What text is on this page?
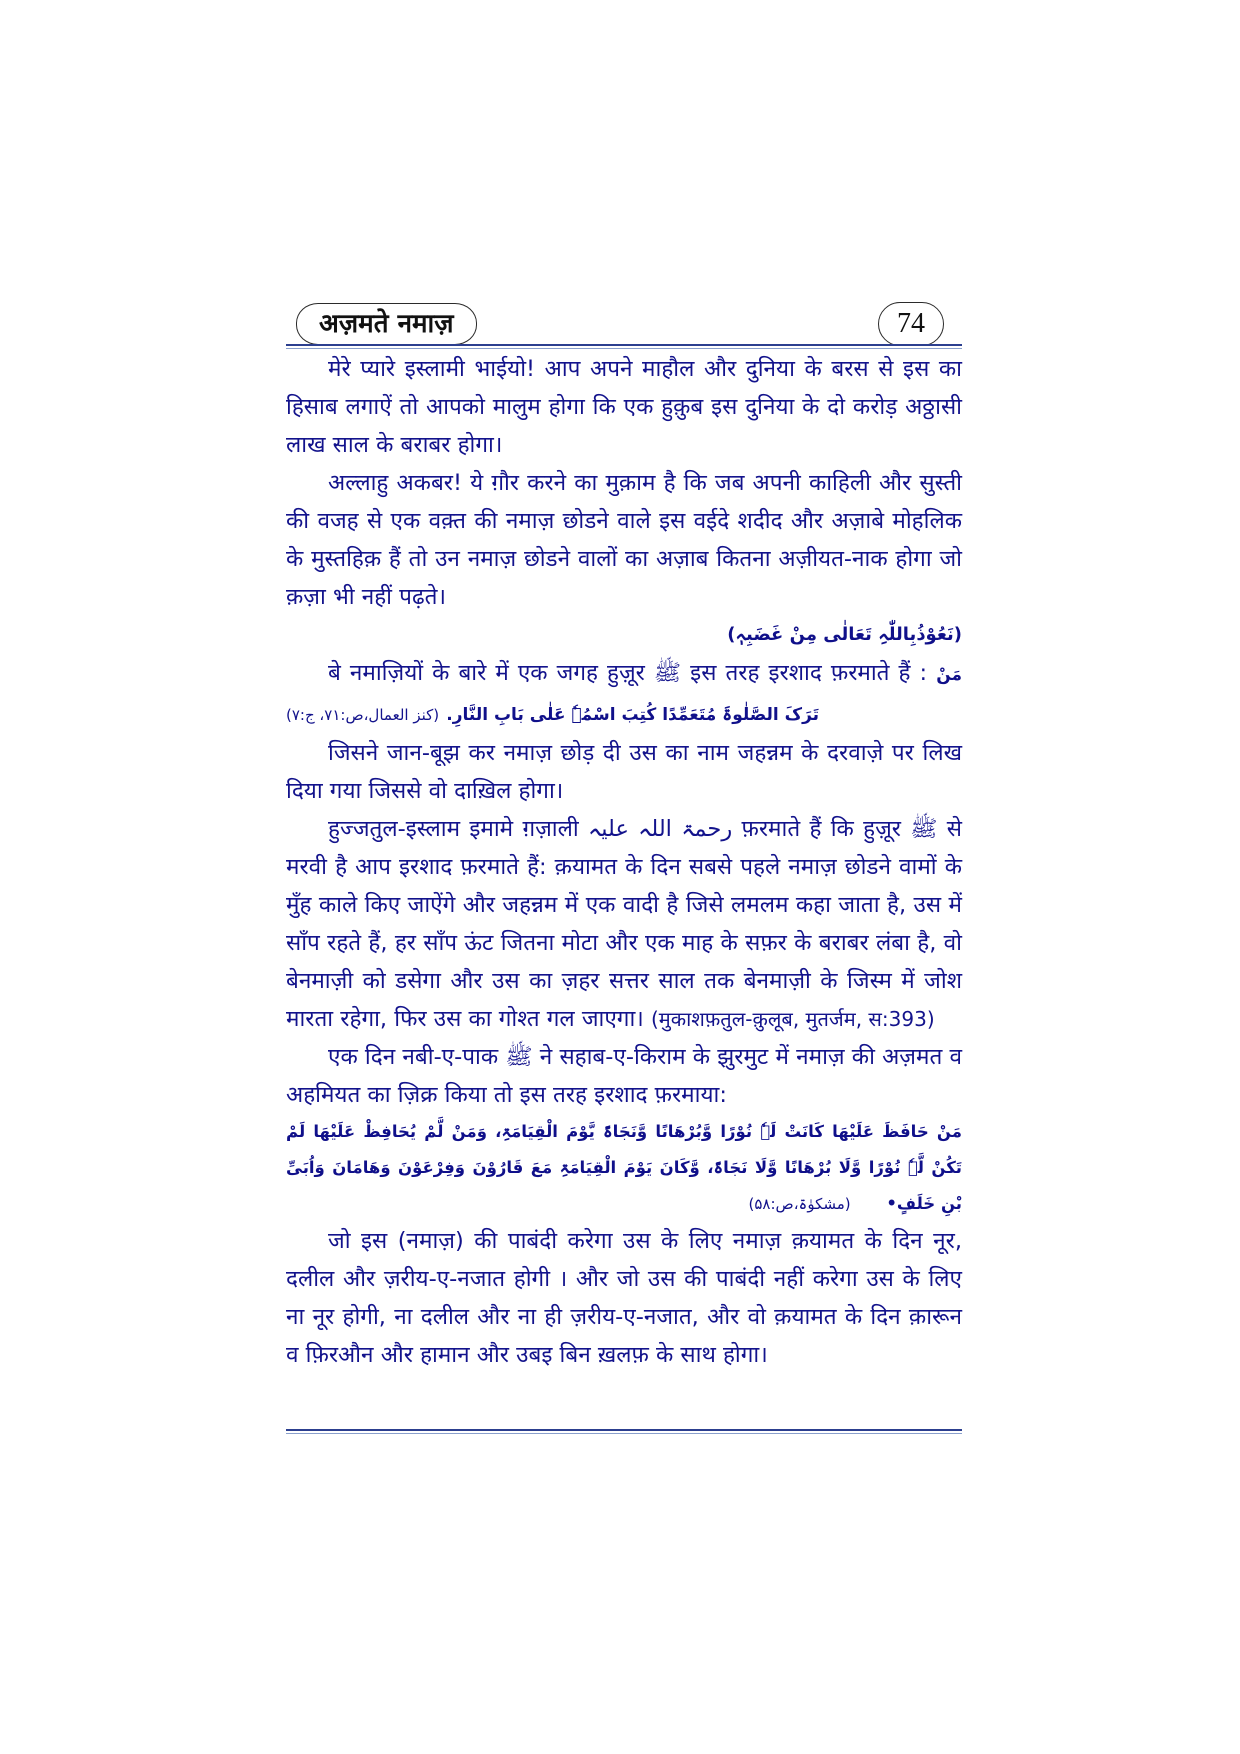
अज़मते नमाज़	74

मेरे प्यारे इस्लामी भाईयो! आप अपने माहौल और दुनिया के बरस से इस का हिसाब लगाऐं तो आपको मालुम होगा कि एक हुक़ुब इस दुनिया के दो करोड़ अठ्ठासी लाख साल के बराबर होगा।

अल्लाहु अकबर! ये ग़ौर करने का मुक़ाम है कि जब अपनी काहिली और सुस्ती की वजह से एक वक़्त की नमाज़ छोडने वाले इस वईदे शदीद और अज़ाबे मोहलिक के मुस्तहिक़ हैं तो उन नमाज़ छोडने वालों का अज़ाब कितना अज़ीयत-नाक होगा जो क़ज़ा भी नहीं पढ़ते।

(نَعُوْذُبِاللّٰہِ تَعَالٰی مِنْ غَضَبِہٖ)

बे नमाज़ियों के बारे में एक जगह हुज़ूर ﷺ इस तरह इरशाद फ़रमाते हैं : مَنْ تَرَکَ الصَّلٰوۃَ مُتَعَمِّدًا کُتِبَ اسْمُہٗ عَلٰی بَابِ النَّارِ. (کنز العمال،ص:۷۱، ج:۷)

जिसने जान-बूझ कर नमाज़ छोड़ दी उस का नाम जहन्नम के दरवाज़े पर लिख दिया गया जिससे वो दाख़िल होगा।

हुज्जतुल-इस्लाम इमामे ग़ज़ाली رحمۃ اللہ علیہ फ़रमाते हैं कि हुज़ूर ﷺ से मरवी है आप इरशाद फ़रमाते हैं: क़यामत के दिन सबसे पहले नमाज़ छोडने वामों के मुँह काले किए जाऐंगे और जहन्नम में एक वादी है जिसे लमलम कहा जाता है, उस में साँप रहते हैं, हर साँप ऊंट जितना मोटा और एक माह के सफ़र के बराबर लंबा है, वो बेनमाज़ी को डसेगा और उस का ज़हर सत्तर साल तक बेनमाज़ी के जिस्म में जोश मारता रहेगा, फिर उस का गोश्त गल जाएगा। (मुकाशफ़तुल-क़ुलूब, मुतर्जम, स:393)

एक दिन नबी-ए-पाक ﷺ ने सहाब-ए-किराम के झुरमुट में नमाज़ की अज़मत व अहमियत का ज़िक्र किया तो इस तरह इरशाद फ़रमाया:

مَنْ حَافَظَ عَلَیْھَا کَانَتْ لَہٗ نُوْرًا وَّبُرْھَانًا وَّنَجَاۃً یَّوْمَ الْقِیَامَۃِ، وَمَنْ لَّمْ یُحَافِظْ عَلَیْھَا لَمْ تَکُنْ لَّہٗ نُوْرًا وَّلَا بُرْھَانًا وَّلَا نَجَاۃً، وَّکَانَ یَوْمَ الْقِیَامَۃِ مَعَ قَارُوْنَ وَفِرْعَوْنَ وَھَامَانَ وَاُبَیِّ بْنِ خَلَفٍ• (مشکوٰۃ،ص:۵۸)

जो इस (नमाज़) की पाबंदी करेगा उस के लिए नमाज़ क़यामत के दिन नूर, दलील और ज़रीय-ए-नजात होगी । और जो उस की पाबंदी नहीं करेगा उस के लिए ना नूर होगी, ना दलील और ना ही ज़रीय-ए-नजात, और वो क़यामत के दिन क़ारून व फ़िरऔन और हामान और उबइ बिन ख़लफ़ के साथ होगा।
